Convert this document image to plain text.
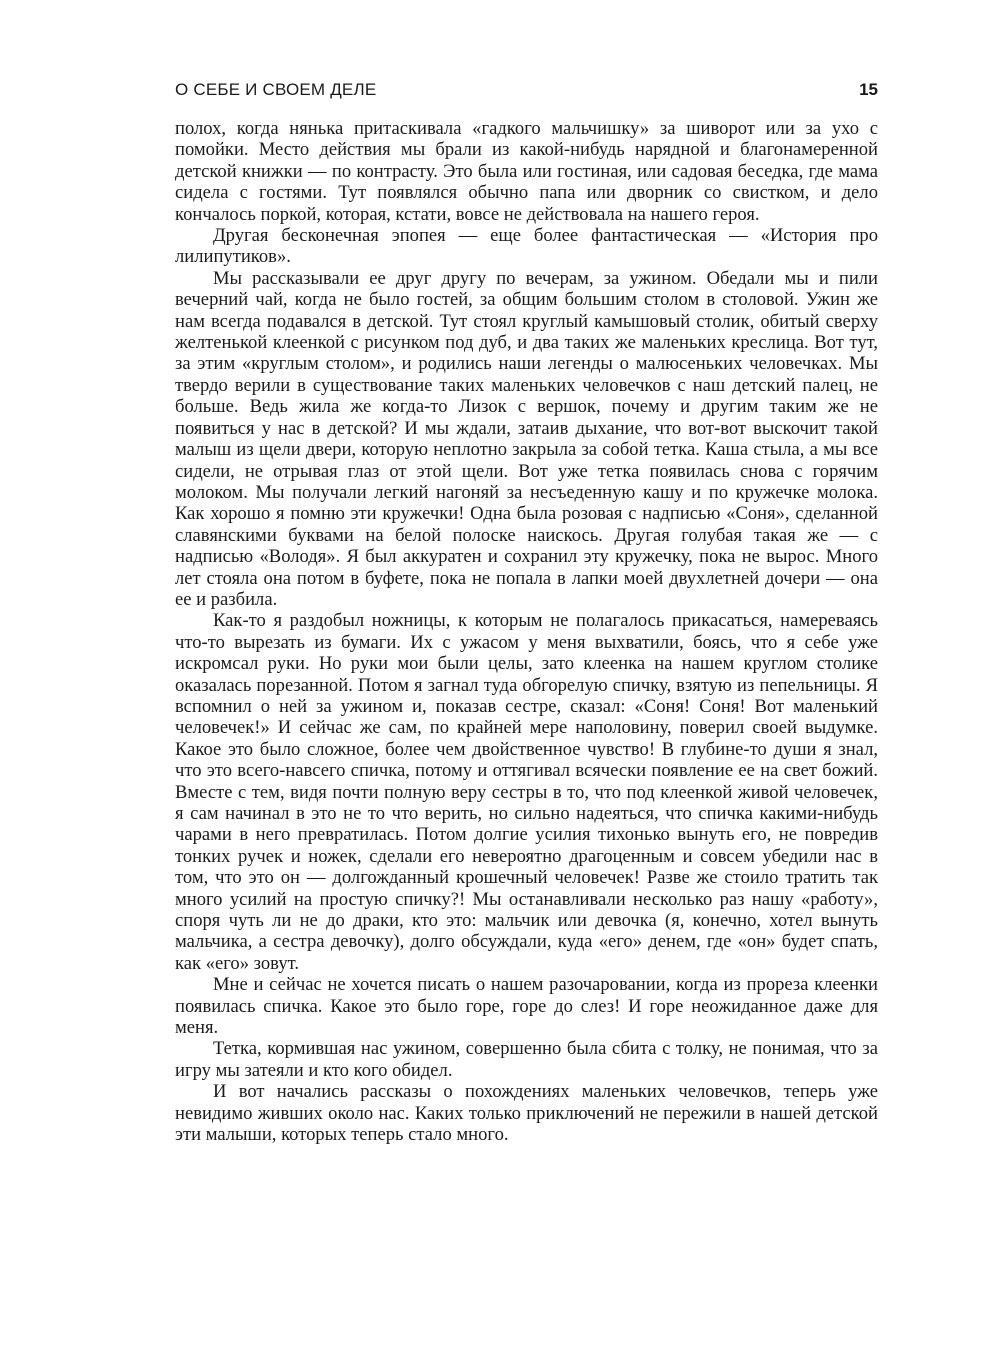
О СЕБЕ И СВОЕМ ДЕЛЕ	15

полох, когда нянька притаскивала «гадкого мальчишку» за шиворот или за ухо с помойки. Место действия мы брали из какой-нибудь нарядной и благонамеренной детской книжки — по контрасту. Это была или гостиная, или садовая беседка, где мама сидела с гостями. Тут появлялся обычно папа или дворник со свистком, и дело кончалось поркой, которая, кстати, вовсе не действовала на нашего героя.

Другая бесконечная эпопея — еще более фантастическая — «История про лилипутиков».

Мы рассказывали ее друг другу по вечерам, за ужином. Обедали мы и пили вечерний чай, когда не было гостей, за общим большим столом в столовой. Ужин же нам всегда подавался в детской. Тут стоял круглый камышовый столик, обитый сверху желтенькой клеенкой с рисунком под дуб, и два таких же маленьких креслица. Вот тут, за этим «круглым столом», и родились наши легенды о малюсеньких человечках. Мы твердо верили в существование таких маленьких человечков с наш детский палец, не больше. Ведь жила же когда-то Лизок с вершок, почему и другим таким же не появиться у нас в детской? И мы ждали, затаив дыхание, что вот-вот выскочит такой малыш из щели двери, которую неплотно закрыла за собой тетка. Каша стыла, а мы все сидели, не отрывая глаз от этой щели. Вот уже тетка появилась снова с горячим молоком. Мы получали легкий нагоняй за несъеденную кашу и по кружечке молока. Как хорошо я помню эти кружечки! Одна была розовая с надписью «Соня», сделанной славянскими буквами на белой полоске наискось. Другая голубая такая же — с надписью «Володя». Я был аккуратен и сохранил эту кружечку, пока не вырос. Много лет стояла она потом в буфете, пока не попала в лапки моей двухлетней дочери — она ее и разбила.

Как-то я раздобыл ножницы, к которым не полагалось прикасаться, намереваясь что-то вырезать из бумаги. Их с ужасом у меня выхватили, боясь, что я себе уже искромсал руки. Но руки мои были целы, зато клеенка на нашем круглом столике оказалась порезанной. Потом я загнал туда обгорелую спичку, взятую из пепельницы. Я вспомнил о ней за ужином и, показав сестре, сказал: «Соня! Соня! Вот маленький человечек!» И сейчас же сам, по крайней мере наполовину, поверил своей выдумке. Какое это было сложное, более чем двойственное чувство! В глубине-то души я знал, что это всего-навсего спичка, потому и оттягивал всячески появление ее на свет божий. Вместе с тем, видя почти полную веру сестры в то, что под клеенкой живой человечек, я сам начинал в это не то что верить, но сильно надеяться, что спичка какими-нибудь чарами в него превратилась. Потом долгие усилия тихонько вынуть его, не повредив тонких ручек и ножек, сделали его невероятно драгоценным и совсем убедили нас в том, что это он — долгожданный крошечный человечек! Разве же стоило тратить так много усилий на простую спичку?! Мы останавливали несколько раз нашу «работу», споря чуть ли не до драки, кто это: мальчик или девочка (я, конечно, хотел вынуть мальчика, а сестра девочку), долго обсуждали, куда «его» денем, где «он» будет спать, как «его» зовут.

Мне и сейчас не хочется писать о нашем разочаровании, когда из прореза клеенки появилась спичка. Какое это было горе, горе до слез! И горе неожиданное даже для меня.

Тетка, кормившая нас ужином, совершенно была сбита с толку, не понимая, что за игру мы затеяли и кто кого обидел.

И вот начались рассказы о похождениях маленьких человечков, теперь уже невидимо живших около нас. Каких только приключений не пережили в нашей детской эти малыши, которых теперь стало много.
